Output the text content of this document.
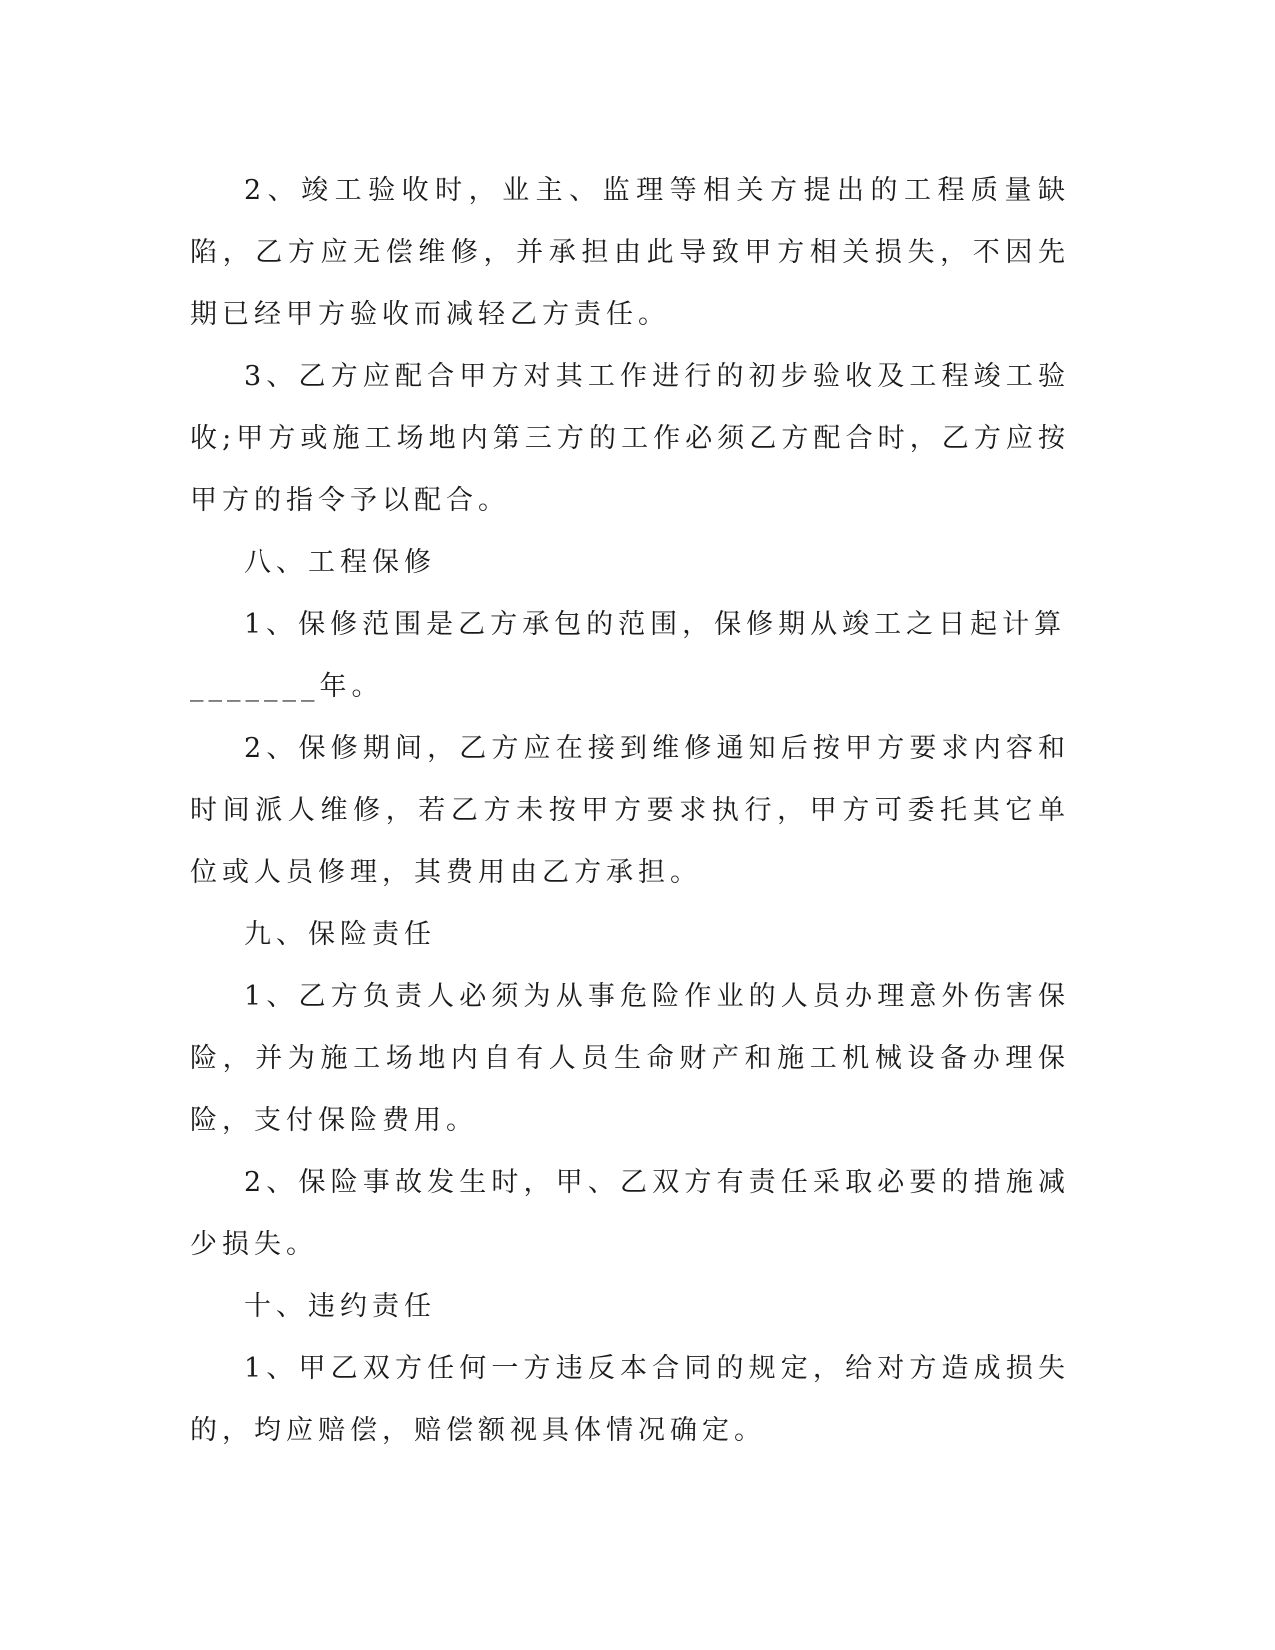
2、竣工验收时，业主、监理等相关方提出的工程质量缺陷，乙方应无偿维修，并承担由此导致甲方相关损失，不因先期已经甲方验收而减轻乙方责任。

3、乙方应配合甲方对其工作进行的初步验收及工程竣工验收;甲方或施工场地内第三方的工作必须乙方配合时，乙方应按甲方的指令予以配合。

八、工程保修

1、保修范围是乙方承包的范围，保修期从竣工之日起计算

_______年。

2、保修期间，乙方应在接到维修通知后按甲方要求内容和时间派人维修，若乙方未按甲方要求执行，甲方可委托其它单位或人员修理，其费用由乙方承担。

九、保险责任

1、乙方负责人必须为从事危险作业的人员办理意外伤害保险，并为施工场地内自有人员生命财产和施工机械设备办理保险，支付保险费用。

2、保险事故发生时，甲、乙双方有责任采取必要的措施减少损失。

十、违约责任

1、甲乙双方任何一方违反本合同的规定，给对方造成损失的，均应赔偿，赔偿额视具体情况确定。
